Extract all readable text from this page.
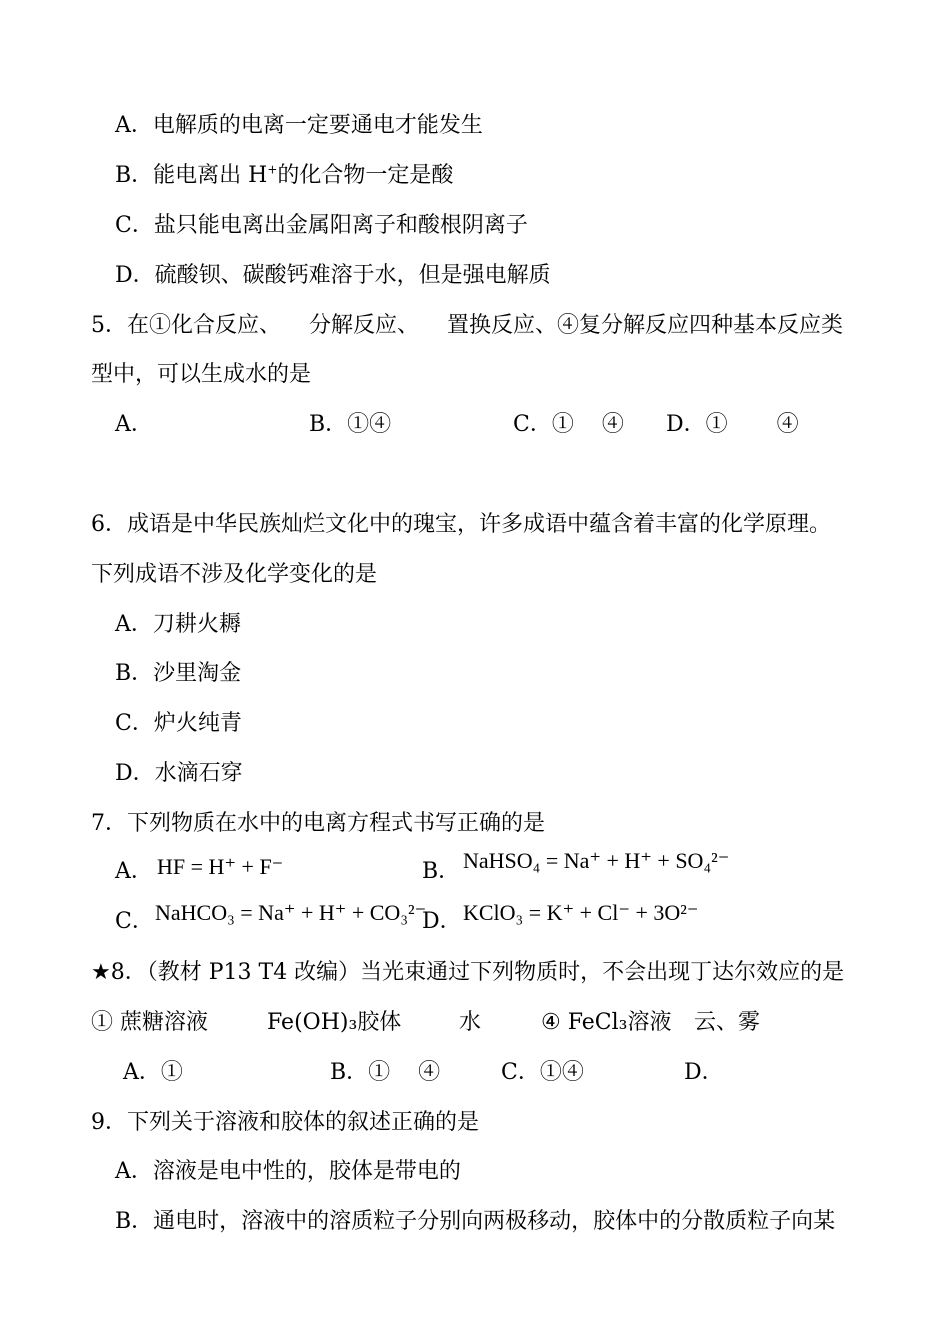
A．电解质的电离一定要通电才能发生
B．能电离出 H+的化合物一定是酸
C．盐只能电离出金属阳离子和酸根阴离子
D．硫酸钡、碳酸钙难溶于水，但是强电解质
5．在①化合反应、    分解反应、    置换反应、④复分解反应四种基本反应类
型中，可以生成水的是
A．	B．①④	C．①    ④ D．①       ④
6．成语是中华民族灿烂文化中的瑰宝，许多成语中蕴含着丰富的化学原理。
下列成语不涉及化学变化的是
A．刀耕火耨
B．沙里淘金
C．炉火纯青
D．水滴石穿
7．下列物质在水中的电离方程式书写正确的是
A． HF = H⁺ + F⁻	B． NaHSO₄ = Na⁺ + H⁺ + SO₄²⁻
C． NaHCO₃ = Na⁺ + H⁺ + CO₃²⁻
D． KClO₃ = K⁺ + Cl⁻ + 3O²⁻
★8．（教材 P13 T4 改编）当光束通过下列物质时，不会出现丁达尔效应的是
① 蔗糖溶液	Fe(OH)₃胶体	水	④ FeCl₃溶液 云、雾
A．①	B．①    ④	C．①④	D．
9．下列关于溶液和胶体的叙述正确的是
A．溶液是电中性的，胶体是带电的
B．通电时，溶液中的溶质粒子分别向两极移动，胶体中的分散质粒子向某
